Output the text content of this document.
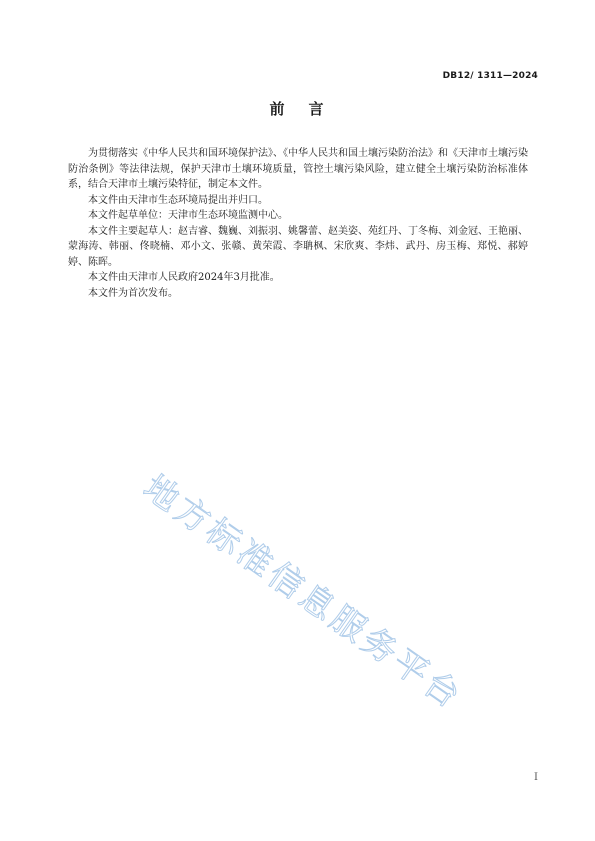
DB12/ 1311—2024
前 言

为贯彻落实《中华人民共和国环境保护法》、《中华人民共和国土壤污染防治法》和《天津市土壤污染防治条例》等法律法规，保护天津市土壤环境质量，管控土壤污染风险，建立健全土壤污染防治标准体系，结合天津市土壤污染特征，制定本文件。

本文件由天津市生态环境局提出并归口。

本文件起草单位：天津市生态环境监测中心。

本文件主要起草人：赵吉睿、魏巍、刘振羽、姚馨蕾、赵美姿、苑红丹、丁冬梅、刘金冠、王艳丽、蒙海涛、韩丽、佟晓楠、邓小文、张赣、黄荣霞、李聃枫、宋欣爽、李炜、武丹、房玉梅、郑悦、郝婷婷、陈晖。

本文件由天津市人民政府2024年3月批准。

本文件为首次发布。

地方标准信息服务平台
I
